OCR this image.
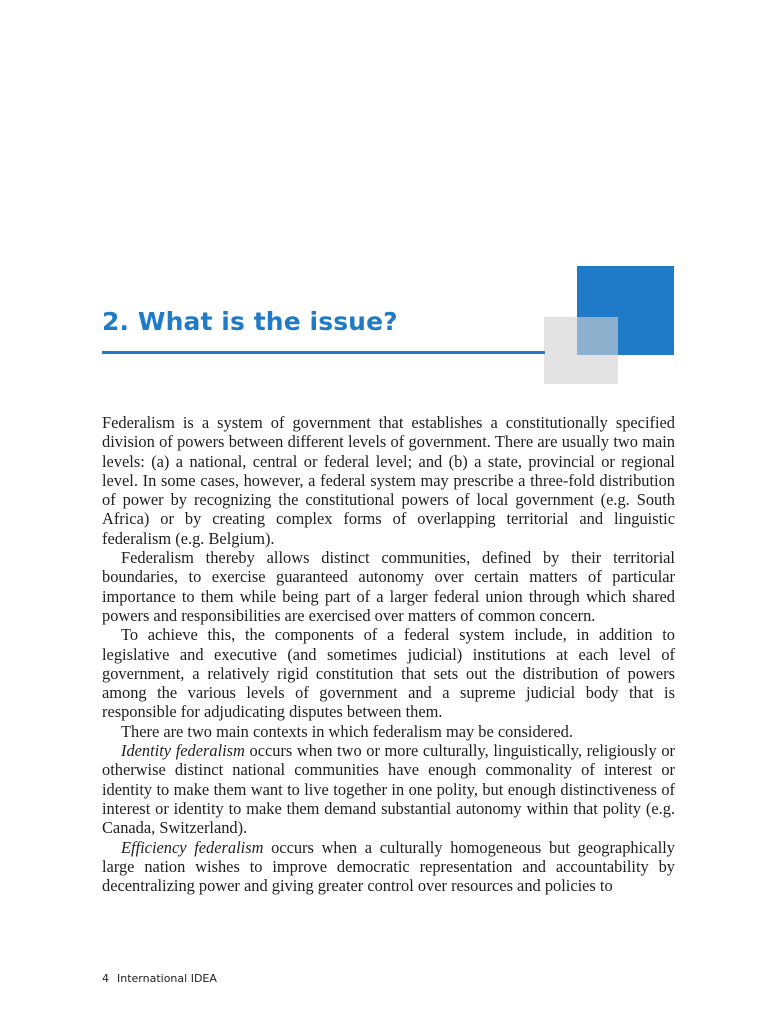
2. What is the issue?

Federalism is a system of government that establishes a constitutionally specified division of powers between different levels of government. There are usually two main levels: (a) a national, central or federal level; and (b) a state, provincial or regional level. In some cases, however, a federal system may prescribe a three-fold distribution of power by recognizing the constitutional powers of local government (e.g. South Africa) or by creating complex forms of overlapping territorial and linguistic federalism (e.g. Belgium).

Federalism thereby allows distinct communities, defined by their territorial boundaries, to exercise guaranteed autonomy over certain matters of particular importance to them while being part of a larger federal union through which shared powers and responsibilities are exercised over matters of common concern.

To achieve this, the components of a federal system include, in addition to legislative and executive (and sometimes judicial) institutions at each level of government, a relatively rigid constitution that sets out the distribution of powers among the various levels of government and a supreme judicial body that is responsible for adjudicating disputes between them.

There are two main contexts in which federalism may be considered.

Identity federalism occurs when two or more culturally, linguistically, religiously or otherwise distinct national communities have enough commonality of interest or identity to make them want to live together in one polity, but enough distinctiveness of interest or identity to make them demand substantial autonomy within that polity (e.g. Canada, Switzerland).

Efficiency federalism occurs when a culturally homogeneous but geographically large nation wishes to improve democratic representation and accountability by decentralizing power and giving greater control over resources and policies to

4 International IDEA
